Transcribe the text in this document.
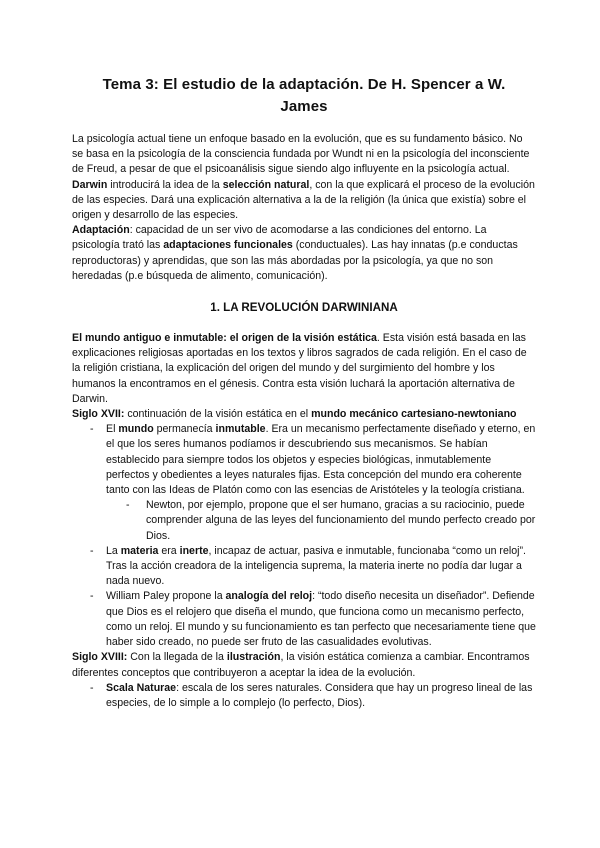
Tema 3: El estudio de la adaptación. De H. Spencer a W.
James

La psicología actual tiene un enfoque basado en la evolución, que es su fundamento básico. No se basa en la psicología de la consciencia fundada por Wundt ni en la psicología del inconsciente de Freud, a pesar de que el psicoanálisis sigue siendo algo influyente en la psicología actual.

Darwin introducirá la idea de la selección natural, con la que explicará el proceso de la evolución de las especies. Dará una explicación alternativa a la de la religión (la única que existía) sobre el origen y desarrollo de las especies.

Adaptación: capacidad de un ser vivo de acomodarse a las condiciones del entorno. La psicología trató las adaptaciones funcionales (conductuales). Las hay innatas (p.e conductas reproductoras) y aprendidas, que son las más abordadas por la psicología, ya que no son heredadas (p.e búsqueda de alimento, comunicación).

1. LA REVOLUCIÓN DARWINIANA

El mundo antiguo e inmutable: el origen de la visión estática. Esta visión está basada en las explicaciones religiosas aportadas en los textos y libros sagrados de cada religión. En el caso de la religión cristiana, la explicación del origen del mundo y del surgimiento del hombre y los humanos la encontramos en el génesis. Contra esta visión luchará la aportación alternativa de Darwin.

Siglo XVII: continuación de la visión estática en el mundo mecánico cartesiano-newtoniano

- El mundo permanecía inmutable. Era un mecanismo perfectamente diseñado y eterno, en el que los seres humanos podíamos ir descubriendo sus mecanismos. Se habían establecido para siempre todos los objetos y especies biológicas, inmutablemente perfectos y obedientes a leyes naturales fijas. Esta concepción del mundo era coherente tanto con las Ideas de Platón como con las esencias de Aristóteles y la teología cristiana.
- Newton, por ejemplo, propone que el ser humano, gracias a su raciocinio, puede comprender alguna de las leyes del funcionamiento del mundo perfecto creado por Dios.
- La materia era inerte, incapaz de actuar, pasiva e inmutable, funcionaba “como un reloj”. Tras la acción creadora de la inteligencia suprema, la materia inerte no podía dar lugar a nada nuevo.
- William Paley propone la analogía del reloj: “todo diseño necesita un diseñador”. Defiende que Dios es el relojero que diseña el mundo, que funciona como un mecanismo perfecto, como un reloj. El mundo y su funcionamiento es tan perfecto que necesariamente tiene que haber sido creado, no puede ser fruto de las casualidades evolutivas.

Siglo XVIII: Con la llegada de la ilustración, la visión estática comienza a cambiar. Encontramos diferentes conceptos que contribuyeron a aceptar la idea de la evolución.

- Scala Naturae: escala de los seres naturales. Considera que hay un progreso lineal de las especies, de lo simple a lo complejo (lo perfecto, Dios).
